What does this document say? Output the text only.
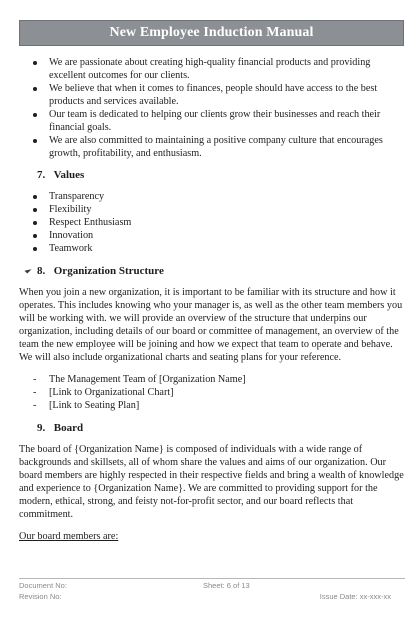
New Employee Induction Manual
We are passionate about creating high-quality financial products and providing excellent outcomes for our clients.
We believe that when it comes to finances, people should have access to the best products and services available.
Our team is dedicated to helping our clients grow their businesses and reach their financial goals.
We are also committed to maintaining a positive company culture that encourages growth, profitability, and enthusiasm.
7. Values
Transparency
Flexibility
Respect Enthusiasm
Innovation
Teamwork
8. Organization Structure

When you join a new organization, it is important to be familiar with its structure and how it operates. This includes knowing who your manager is, as well as the other team members you will be working with. we will provide an overview of the structure that underpins our organization, including details of our board or committee of management, an overview of the team the new employee will be joining and how we expect that team to operate and behave. We will also include organizational charts and seating plans for your reference.

- The Management Team of [Organization Name]
- [Link to Organizational Chart]
- [Link to Seating Plan]
9. Board

The board of {Organization Name} is composed of individuals with a wide range of backgrounds and skillsets, all of whom share the values and aims of our organization. Our board members are highly respected in their respective fields and bring a wealth of knowledge and experience to {Organization Name}. We are committed to providing support for the modern, ethical, strong, and feisty not-for-profit sector, and our board reflects that commitment.

Our board members are:
Document No:	Sheet: 6 of 13
Revision No:	Issue Date: xx-xxx-xx
